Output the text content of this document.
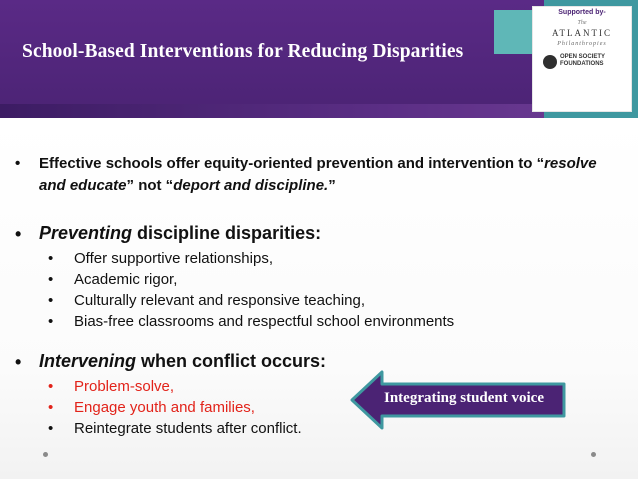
School-Based Interventions for Reducing Disparities
Supported by-
The
ATLANTIC
Philanthropies
OPEN SOCIETY FOUNDATIONS
• Effective schools offer equity-oriented prevention and intervention to “resolve and educate” not “deport and discipline.”
• Preventing discipline disparities:
• Offer supportive relationships,
• Academic rigor,
• Culturally relevant and responsive teaching,
• Bias-free classrooms and respectful school environments
• Intervening when conflict occurs:
• Problem-solve,
• Engage youth and families,
• Reintegrate students after conflict.
Integrating student voice
